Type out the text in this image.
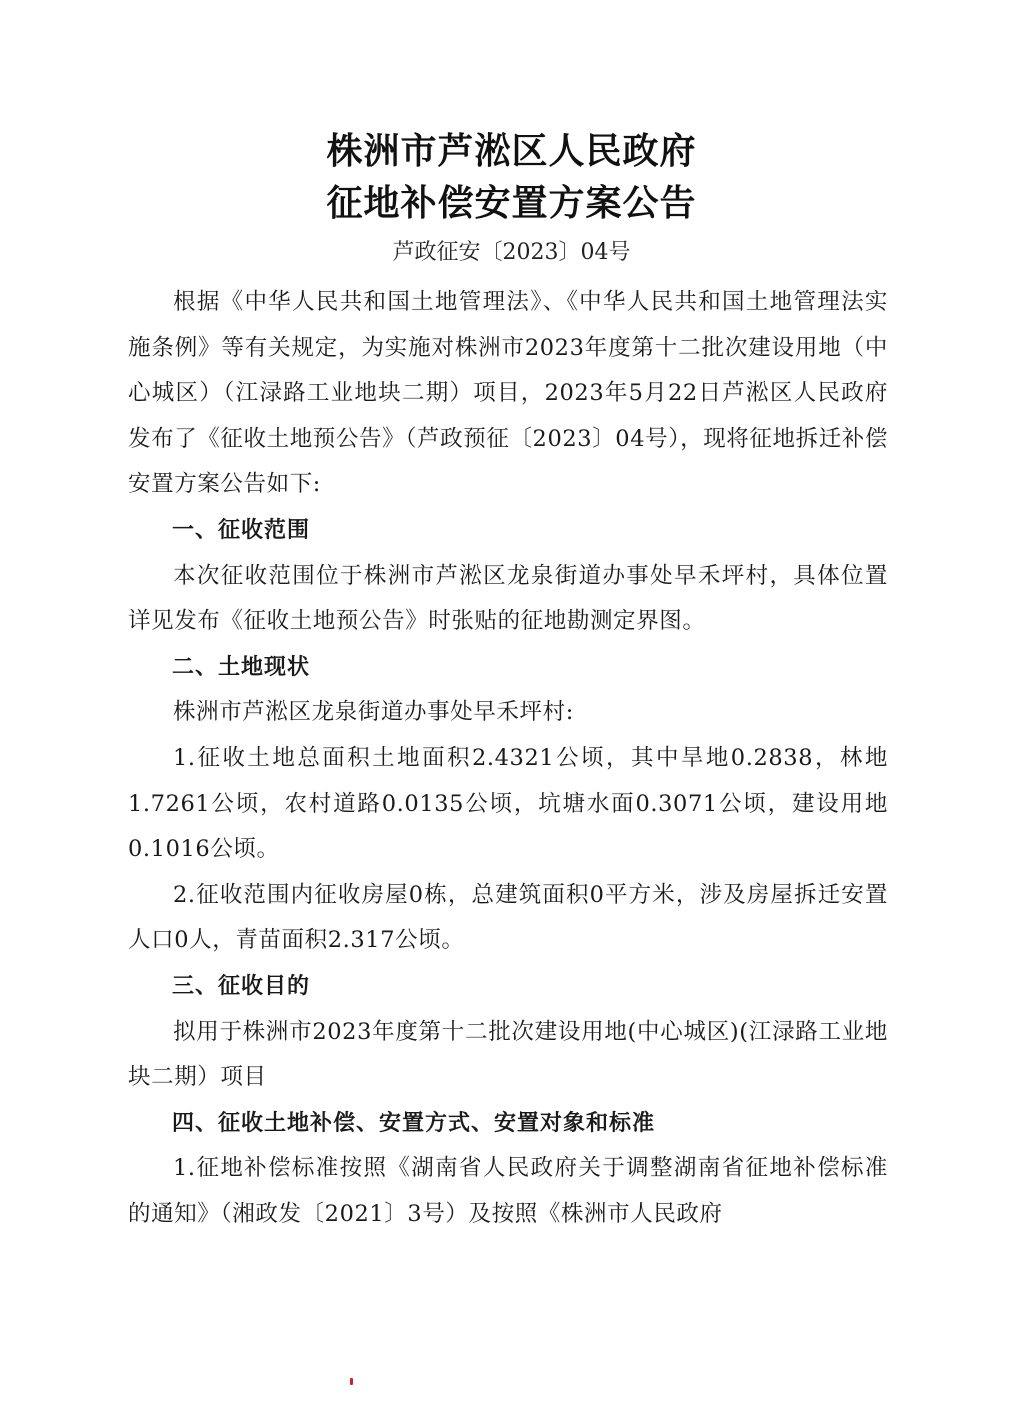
株洲市芦淞区人民政府
征地补偿安置方案公告
芦政征安〔2023〕04号

根据《中华人民共和国土地管理法》、《中华人民共和国土地管理法实施条例》等有关规定，为实施对株洲市2023年度第十二批次建设用地（中心城区）（江渌路工业地块二期）项目，2023年5月22日芦淞区人民政府发布了《征收土地预公告》（芦政预征〔2023〕04号），现将征地拆迁补偿安置方案公告如下:

一、征收范围

本次征收范围位于株洲市芦淞区龙泉街道办事处早禾坪村，具体位置详见发布《征收土地预公告》时张贴的征地勘测定界图。

二、土地现状

株洲市芦淞区龙泉街道办事处早禾坪村:

1.征收土地总面积土地面积2.4321公顷，其中旱地0.2838，林地1.7261公顷，农村道路0.0135公顷，坑塘水面0.3071公顷，建设用地0.1016公顷。

2.征收范围内征收房屋0栋，总建筑面积0平方米，涉及房屋拆迁安置人口0人，青苗面积2.317公顷。

三、征收目的

拟用于株洲市2023年度第十二批次建设用地(中心城区)(江渌路工业地块二期）项目

四、征收土地补偿、安置方式、安置对象和标准

1.征地补偿标准按照《湖南省人民政府关于调整湖南省征地补偿标准的通知》（湘政发〔2021〕3号）及按照《株洲市人民政府
